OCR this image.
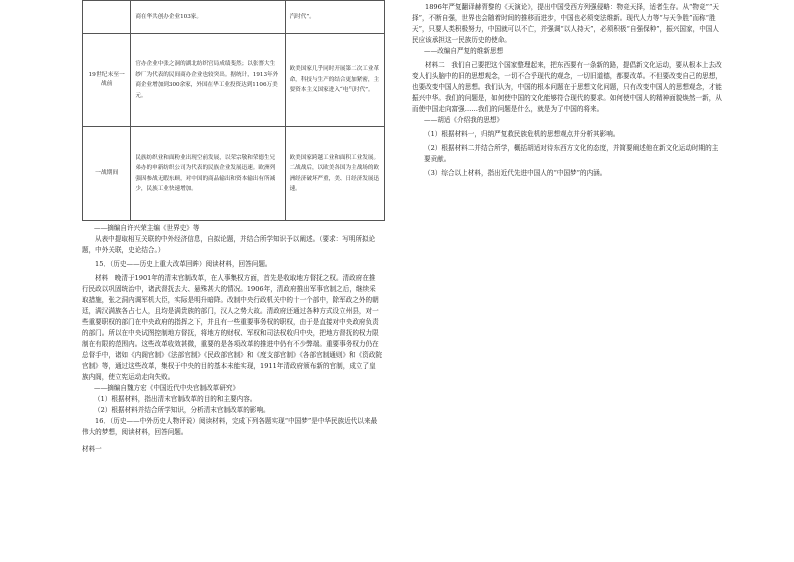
	商在华共创办企业103家。	汽时代”。
19世纪末至一战前	官办企业中张之洞的湖北纺织官局成绩斐然；以张謇大生纱厂为代表的民间商办企业也较突出。据统计，1913年外商企业增加到300余家，外国在华工业投资达到1106万美元。	欧美国家几乎同时开展第二次工业革命，科技与生产的结合更加紧密，主要资本主义国家进入“电气时代”。
一战期间	民族纺织业和面粉业出现空前发展，以荣宗敬和荣德生兄弟办的申新纺织公司为代表的民族企业发展迅速。欧洲列强因参战无暇东顾，对中国的商品输出和资本输出有所减少，民族工业快速增加。	欧美国家跨越工业和面积工业发展。二战战后，以欧美各国为主战场的欧洲经济破坏严重，美、日经济发展迅速。

——摘编自许兴荣主编《世界史》等

从表中提取相互关联的中外经济信息，自拟论题，并结合所学知识予以阐述。（要求：写明所拟论题，中外关联，史论结合。）

15．（历史——历史上重大改革回眸）阅读材料，回答问题。

材料　晚清于1901年的清末官制改革，在人事集权方面，首先是收取地方督抚之权。清政府在推行民政以巩固统治中，诸武督抚去大、悬殊甚大的情况。1906年，清政府推出军事官制之后，继续采取措施，张之洞内调军机大臣，实际是明升暗降。改制中央行政机关中的十一个部中，除军政之外的朝廷，满汉满族各占七人，且均是满贵族的部门，汉人之势大故。清政府还通过各种方式设立州县，对一些重要职权的部门在中央政府的指挥之下，并且有一些重要事务权的职权，由于是直接对中央政府负责的部门。所以在中央试图控制地方督抚，将地方的财权、军权和司法权收归中央，把地方督抚的权力限制在有限的范围内。这些改革收效甚微，重要的是各项改革的推进中仍有不少弊端。重要事务权力仍在总督手中，诸如《内阁官制》《法部官制》《民政部官制》和《度支部官制》《各部官制通则》和《资政院官制》等，通过这些改革，集权于中央的目的基本未能实现，1911年清政府颁布新的官制，成立了皇族内阁，使立宪运动走向失败。

——摘编自魏方宏《中国近代中央官制改革研究》

（1）根据材料，指出清末官制改革的目的和主要内容。

（2）根据材料并结合所学知识，分析清末官制改革的影响。

16．（历史——中外历史人物评说）阅读材料，完成下列各题实现“中国梦”是中华民族近代以来最伟大的梦想，阅读材料，回答问题。

材料一

1896年严复翻译赫胥黎的《天演论》，提出中国受西方列强侵略：物竞天择，适者生存。从“物竞”“天择”，不断自强，世界也会随着时间的推移而进步，中国也必须变法维新。现代人力等“与天争胜”而称“胜天”，只要人类积极努力，中国就可以不亡，并强调“以人持天”，必须积极“自强保种”，振兴国家，中国人民应该承担这一民族历史的使命。

——改编自严复的维新思想

材料二　我们自己要把这个国家整理起来，把东西要有一条新的路，提倡新文化运动，要从根本上去改变人们头脑中的旧的思想观念，一切不合乎现代的观念，一切旧道德，都要改革。不但要改变自己的思想，也要改变中国人的思想。我们认为，中国的根本问题在于思想文化问题，只有改变中国人的思想观念，才能振兴中华。我们的问题是，如何使中国的文化能够符合现代的要求。如何使中国人的精神面貌焕然一新，从而使中国走向富强……我们的问题是什么，就是为了中国的将来。

——胡适《介绍我的思想》

（1）根据材料一，归纳严复救民族危机的思想观点并分析其影响。

（2）根据材料二并结合所学，概括胡适对待东西方文化的态度，并简要阐述他在新文化运动时期的主要贡献。

（3）综合以上材料，指出近代先进中国人的“中国梦”的内涵。
